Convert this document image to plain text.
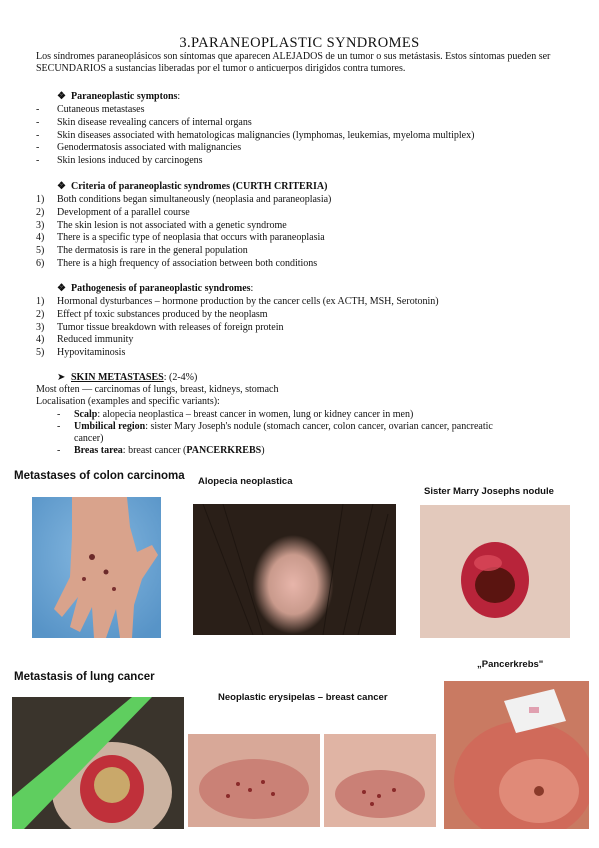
3.PARANEOPLASTIC SYNDROMES
Los síndromes paraneoplásicos son síntomas que aparecen ALEJADOS de un tumor o sus metástasis. Estos síntomas pueden ser SECUNDARIOS a sustancias liberadas por el tumor o anticuerpos dirigidos contra tumores.
❖ Paraneoplastic symptons:
- Cutaneous metastases
- Skin disease revealing cancers of internal organs
- Skin diseases associated with hematologicas malignancies (lymphomas, leukemias, myeloma multiplex)
- Genodermatosis associated with malignancies
- Skin lesions induced by carcinogens
❖ Criteria of paraneoplastic syndromes (CURTH CRITERIA)
1) Both conditions began simultaneously (neoplasia and paraneoplasia)
2) Development of a parallel course
3) The skin lesion is not associated with a genetic syndrome
4) There is a specific type of neoplasia that occurs with paraneoplasia
5) The dermatosis is rare in the general population
6) There is a high frequency of association between both conditions
❖ Pathogenesis of paraneoplastic syndromes:
1) Hormonal dysturbances – hormone production by the cancer cells (ex ACTH, MSH, Serotonin)
2) Effect pf toxic substances produced by the neoplasm
3) Tumor tissue breakdown with releases of foreign protein
4) Reduced immunity
5) Hypovitaminosis
➤ SKIN METASTASES: (2-4%)
Most often — carcinomas of lungs, breast, kidneys, stomach
Localisation (examples and specific variants):
- Scalp: alopecia neoplastica – breast cancer in women, lung or kidney cancer in men)
- Umbilical region: sister Mary Joseph's nodule (stomach cancer, colon cancer, ovarian cancer, pancreatic
cancer)
- Breas tarea: breast cancer (PANCERKREBS)
Metastases of colon carcinoma Alopecia neoplastica
Sister Marry Josephs nodule
Metastasis of lung cancer
Neoplastic erysipelas – breast cancer
„Pancerkrebs"
